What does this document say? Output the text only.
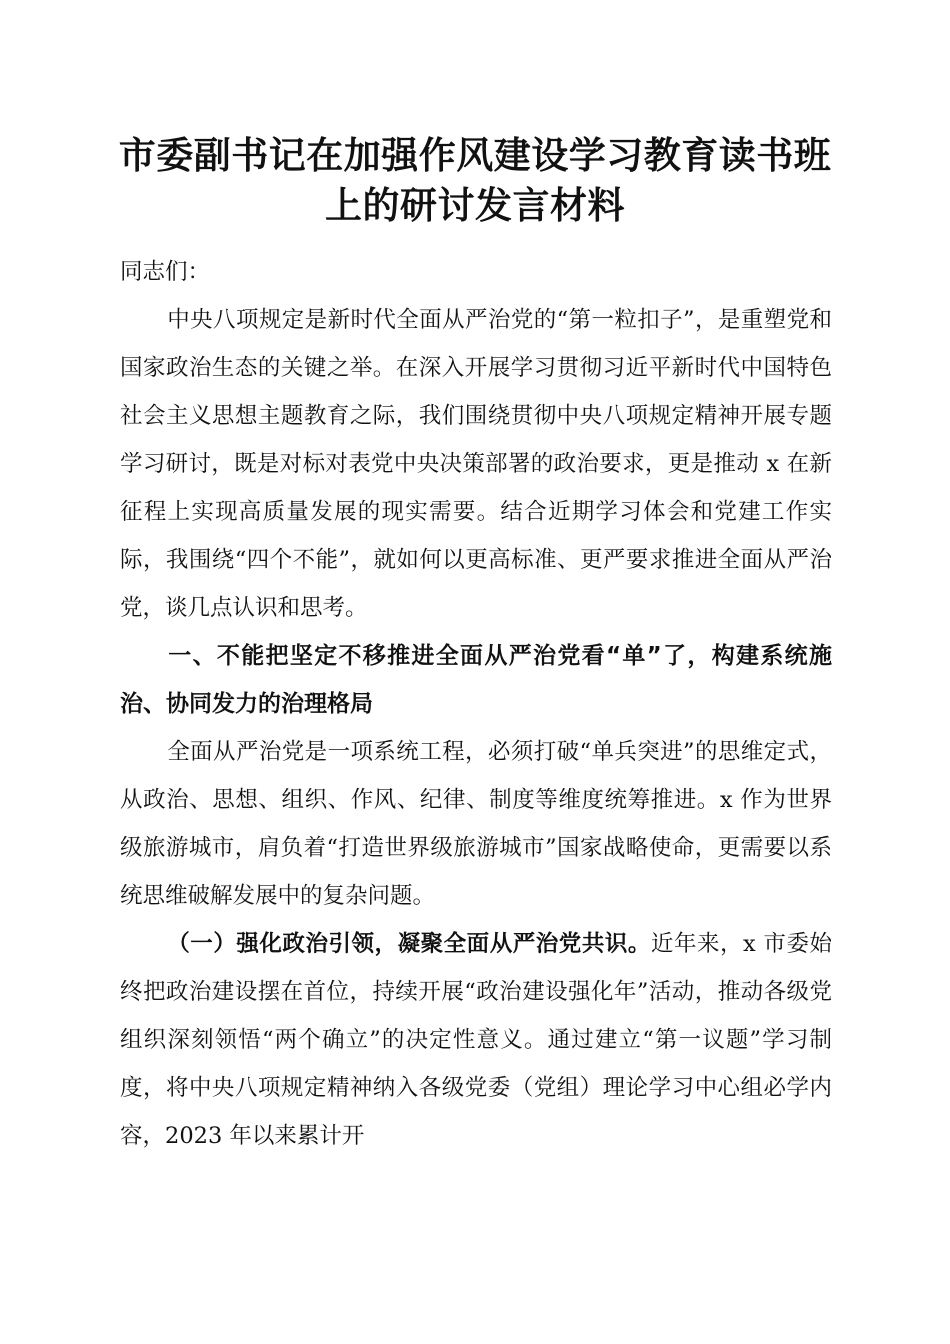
市委副书记在加强作风建设学习教育读书班上的研讨发言材料

同志们：

中央八项规定是新时代全面从严治党的“第一粒扣子”，是重塑党和国家政治生态的关键之举。在深入开展学习贯彻习近平新时代中国特色社会主义思想主题教育之际，我们围绕贯彻中央八项规定精神开展专题学习研讨，既是对标对表党中央决策部署的政治要求，更是推动 x 在新征程上实现高质量发展的现实需要。结合近期学习体会和党建工作实际，我围绕“四个不能”，就如何以更高标准、更严要求推进全面从严治党，谈几点认识和思考。

一、不能把坚定不移推进全面从严治党看“单”了，构建系统施治、协同发力的治理格局

全面从严治党是一项系统工程，必须打破“单兵突进”的思维定式，从政治、思想、组织、作风、纪律、制度等维度统筹推进。x 作为世界级旅游城市，肩负着“打造世界级旅游城市”国家战略使命，更需要以系统思维破解发展中的复杂问题。

（一）强化政治引领，凝聚全面从严治党共识。近年来，x 市委始终把政治建设摆在首位，持续开展“政治建设强化年”活动，推动各级党组织深刻领悟“两个确立”的决定性意义。通过建立“第一议题”学习制度，将中央八项规定精神纳入各级党委（党组）理论学习中心组必学内容，2023 年以来累计开
